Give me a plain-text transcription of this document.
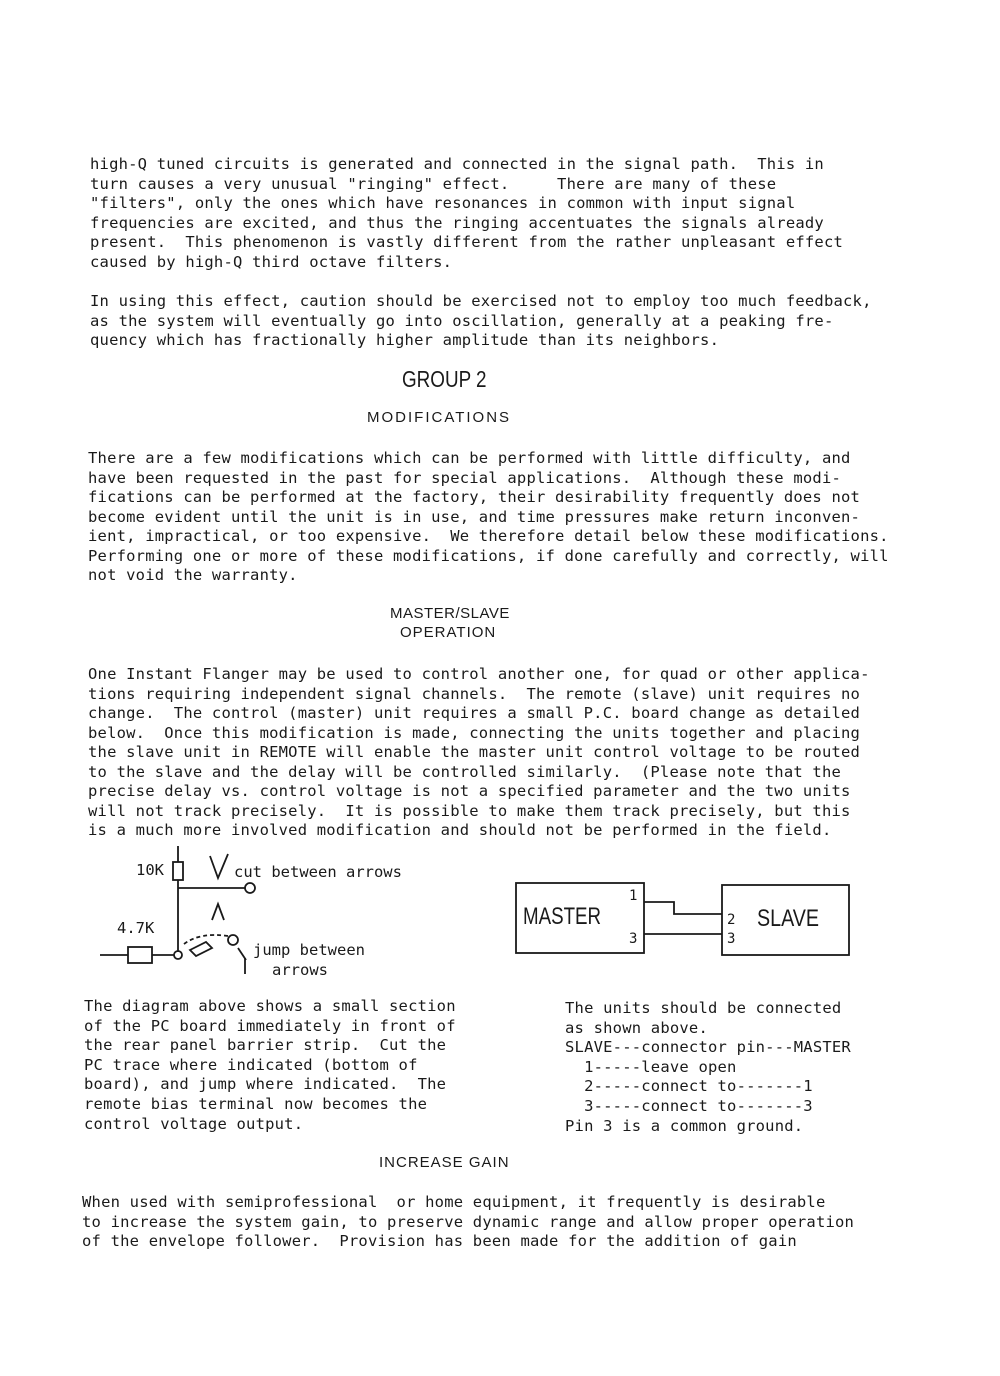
high-Q tuned circuits is generated and connected in the signal path.  This in
turn causes a very unusual "ringing" effect.     There are many of these
"filters", only the ones which have resonances in common with input signal
frequencies are excited, and thus the ringing accentuates the signals already
present.  This phenomenon is vastly different from the rather unpleasant effect
caused by high-Q third octave filters.
In using this effect, caution should be exercised not to employ too much feedback,
as the system will eventually go into oscillation, generally at a peaking fre-
quency which has fractionally higher amplitude than its neighbors.
GROUP 2
MODIFICATIONS
There are a few modifications which can be performed with little difficulty, and
have been requested in the past for special applications.  Although these modi-
fications can be performed at the factory, their desirability frequently does not
become evident until the unit is in use, and time pressures make return inconven-
ient, impractical, or too expensive.  We therefore detail below these modifications.
Performing one or more of these modifications, if done carefully and correctly, will
not void the warranty.
MASTER/SLAVE
OPERATION
One Instant Flanger may be used to control another one, for quad or other applica-
tions requiring independent signal channels.  The remote (slave) unit requires no
change.  The control (master) unit requires a small P.C. board change as detailed
below.  Once this modification is made, connecting the units together and placing
the slave unit in REMOTE will enable the master unit control voltage to be routed
to the slave and the delay will be controlled similarly.  (Please note that the
precise delay vs. control voltage is not a specified parameter and the two units
will not track precisely.  It is possible to make them track precisely, but this
is a much more involved modification and should not be performed in the field.
10K
4.7K
cut between arrows
jump between
arrows
MASTER	SLAVE
1
3
2
3
The diagram above shows a small section
of the PC board immediately in front of
the rear panel barrier strip.  Cut the
PC trace where indicated (bottom of
board), and jump where indicated.  The
remote bias terminal now becomes the
control voltage output.
The units should be connected
as shown above.
SLAVE---connector pin---MASTER
1-----leave open
2-----connect to-------1
3-----connect to-------3
Pin 3 is a common ground.
INCREASE GAIN
When used with semiprofessional  or home equipment, it frequently is desirable
to increase the system gain, to preserve dynamic range and allow proper operation
of the envelope follower.  Provision has been made for the addition of gain
